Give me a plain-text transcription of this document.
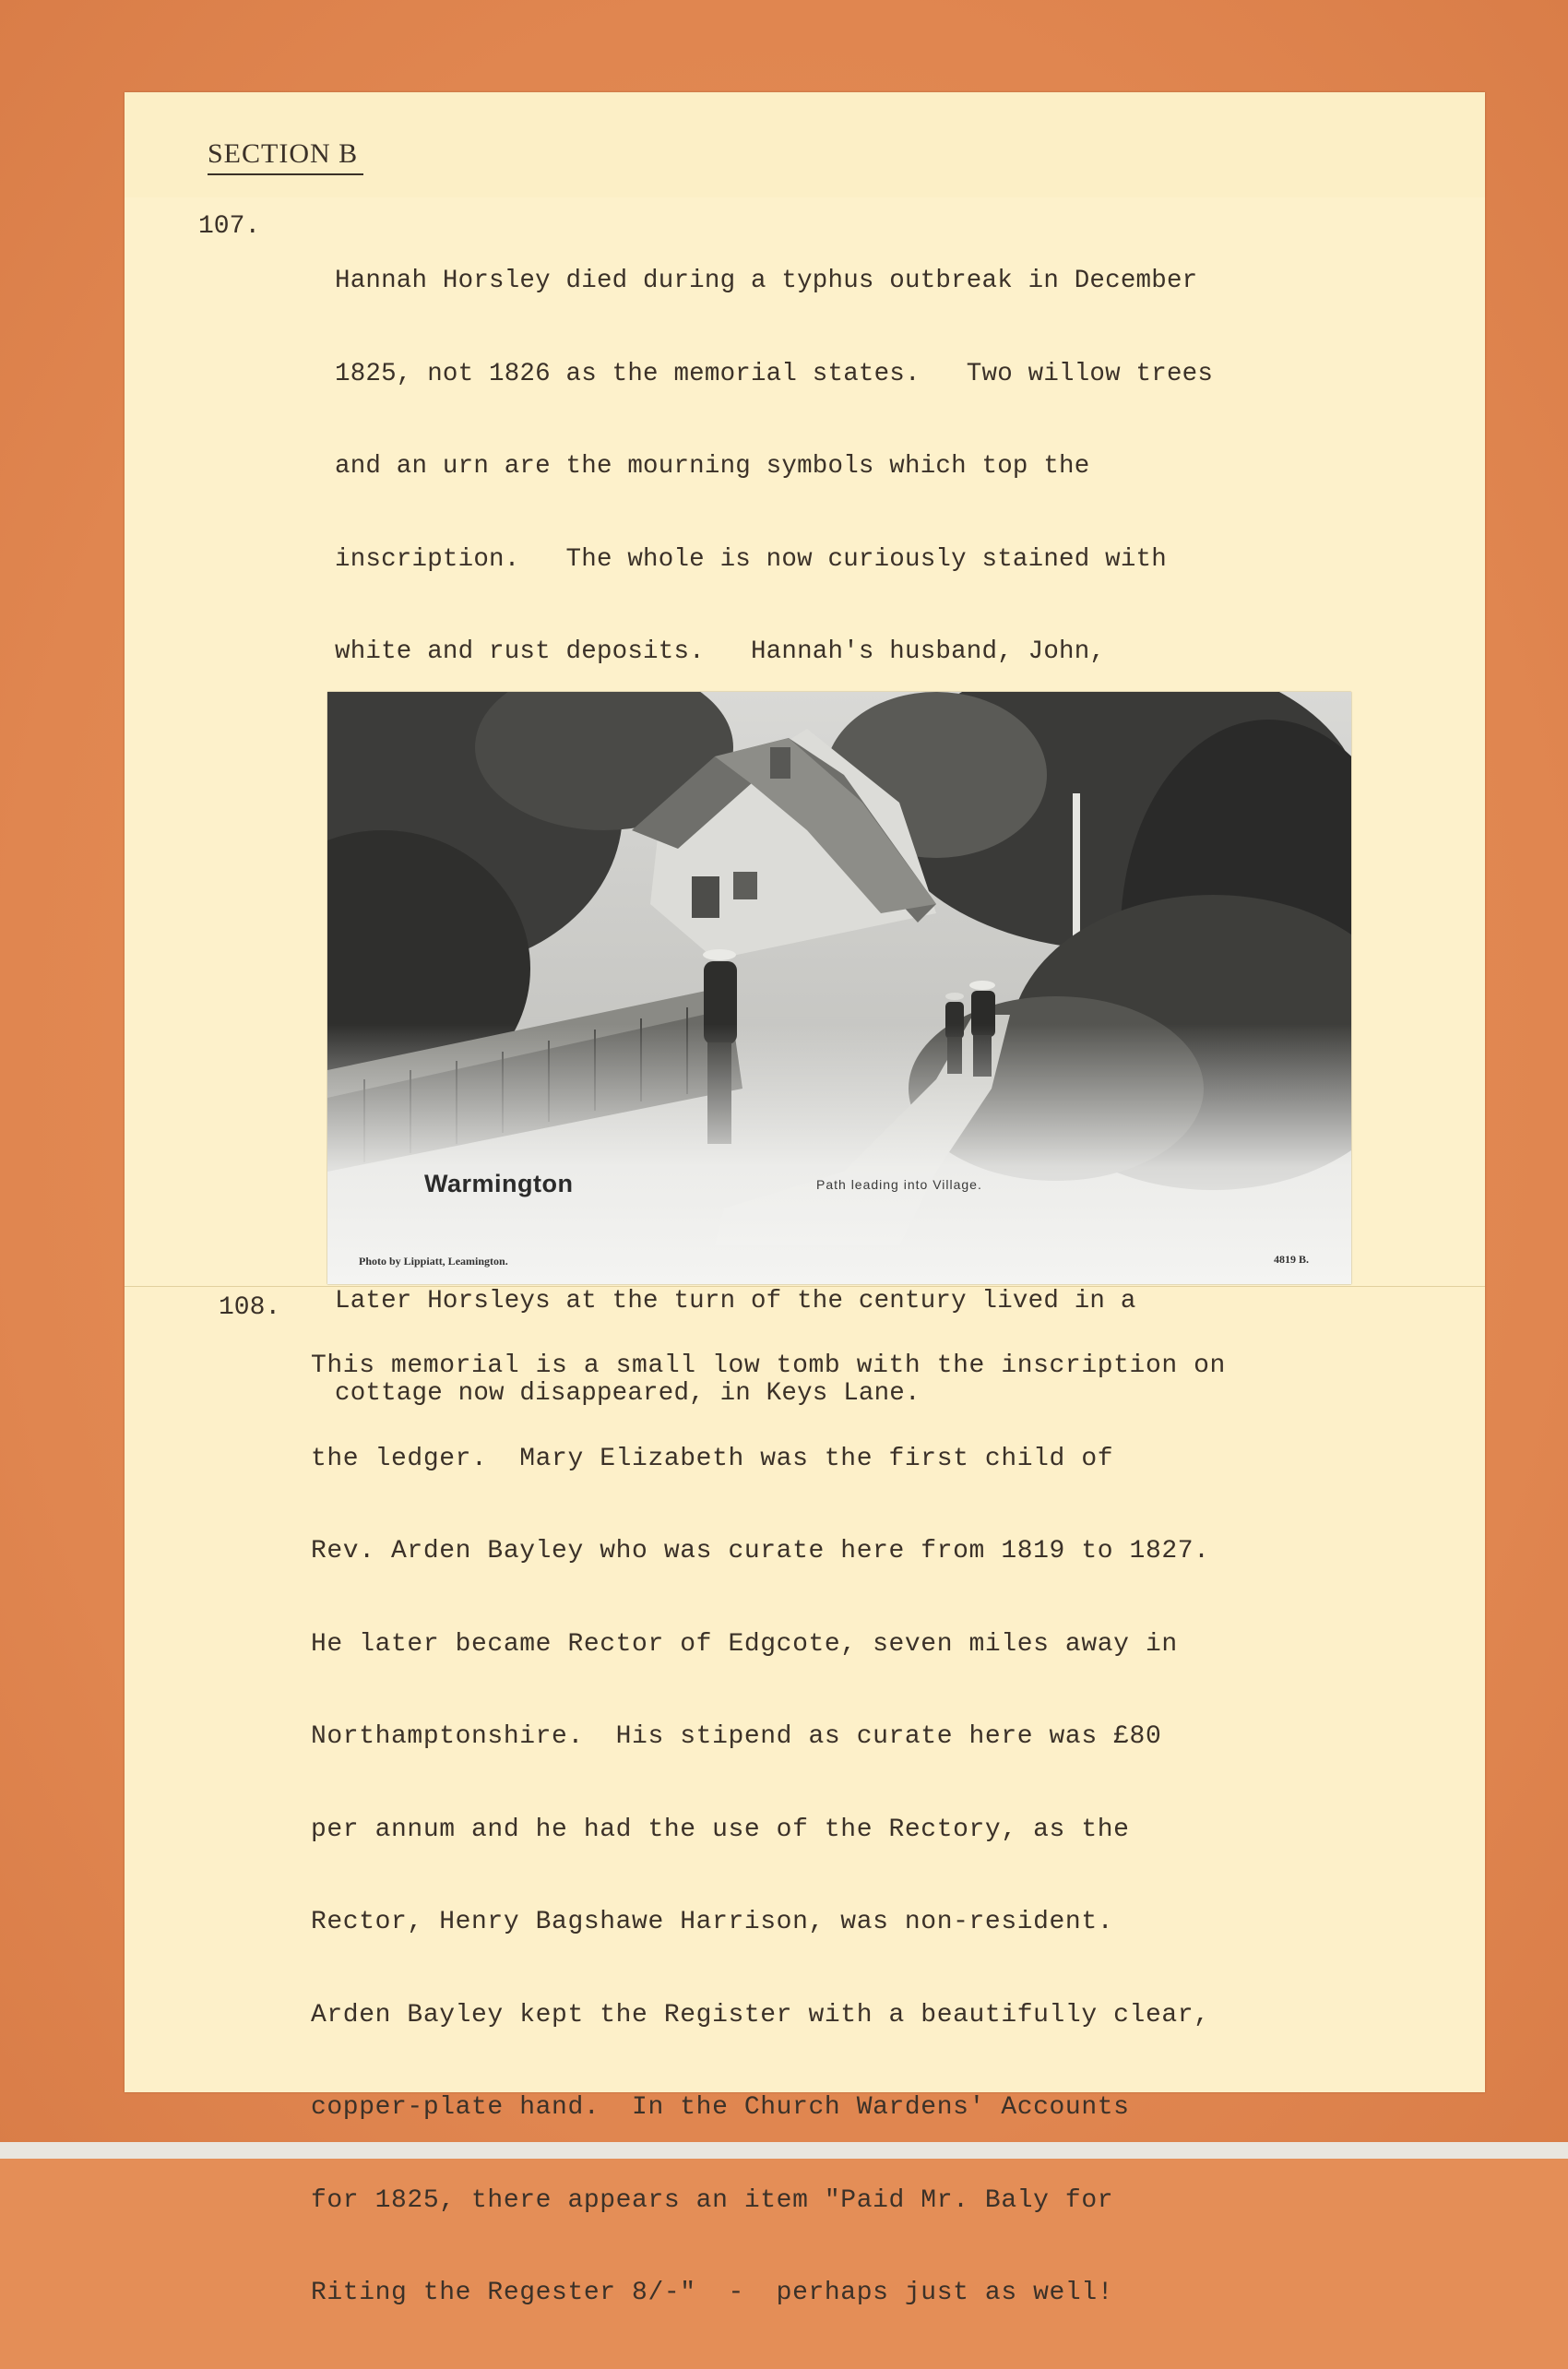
SECTION B
107.

Hannah Horsley died during a typhus outbreak in December

1825, not 1826 as the memorial states.   Two willow trees

and an urn are the mourning symbols which top the

inscription.   The whole is now curiously stained with

white and rust deposits.   Hannah's husband, John,

Later Horsleys at the turn of the century lived in a

cottage now disappeared, in Keys Lane.

Warmington	Path leading into Village.
Photo by Lippiatt, Leamington.	4819 B.
108.

This memorial is a small low tomb with the inscription on

the ledger.  Mary Elizabeth was the first child of

Rev. Arden Bayley who was curate here from 1819 to 1827.

He later became Rector of Edgcote, seven miles away in

Northamptonshire.  His stipend as curate here was £80

per annum and he had the use of the Rectory, as the

Rector, Henry Bagshawe Harrison, was non-resident.

Arden Bayley kept the Register with a beautifully clear,

copper-plate hand.  In the Church Wardens' Accounts

for 1825, there appears an item "Paid Mr. Baly for

Riting the Regester 8/-"  -  perhaps just as well!
